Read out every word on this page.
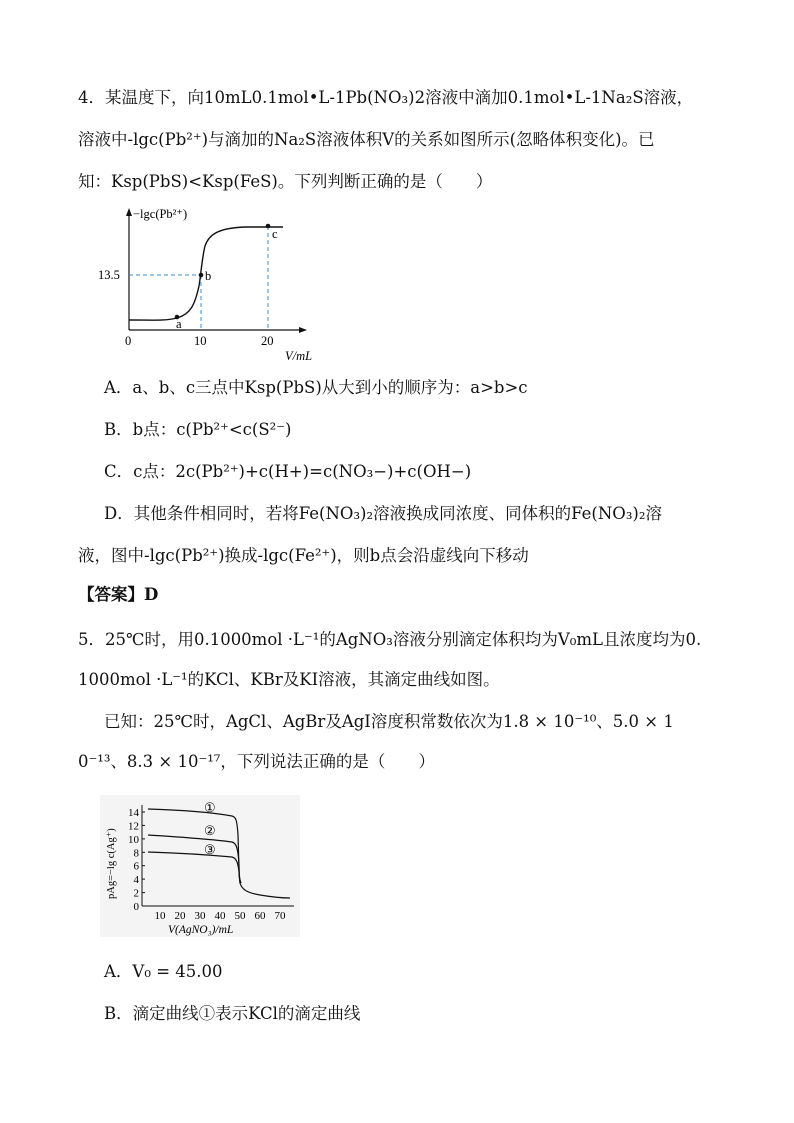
4．某温度下，向10mL0.1mol•L-1Pb(NO₃)2溶液中滴加0.1mol•L-1Na₂S溶液，
溶液中-lgc(Pb²⁺)与滴加的Na₂S溶液体积V的关系如图所示(忽略体积变化)。已
知：Ksp(PbS)<Ksp(FeS)。下列判断正确的是（　　）
−lgc(Pb²⁺)
13.5
0	10	20
V/mL
a
b
c
A．a、b、c三点中Ksp(PbS)从大到小的顺序为：a>b>c
B．b点：c(Pb²⁺<c(S²⁻)
C．c点：2c(Pb²⁺)+c(H+)=c(NO₃−)+c(OH−)
D．其他条件相同时，若将Fe(NO₃)₂溶液换成同浓度、同体积的Fe(NO₃)₂溶
液，图中-lgc(Pb²⁺)换成-lgc(Fe²⁺)，则b点会沿虚线向下移动
【答案】D
5．25℃时，用0.1000mol ·L⁻¹的AgNO₃溶液分别滴定体积均为V₀mL且浓度均为0.
1000mol ·L⁻¹的KCl、KBr及KI溶液，其滴定曲线如图。
已知：25℃时，AgCl、AgBr及AgI溶度积常数依次为1.8 × 10⁻¹⁰、5.0 × 1
0⁻¹³、8.3 × 10⁻¹⁷，下列说法正确的是（　　）
0
2
4
6
8
10
12
14
10 20 30 40 50 60 70
V(AgNO₃)/mL
pAg=−lg c(Ag⁺)
①
②
③
A．V₀ = 45.00
B．滴定曲线①表示KCl的滴定曲线
